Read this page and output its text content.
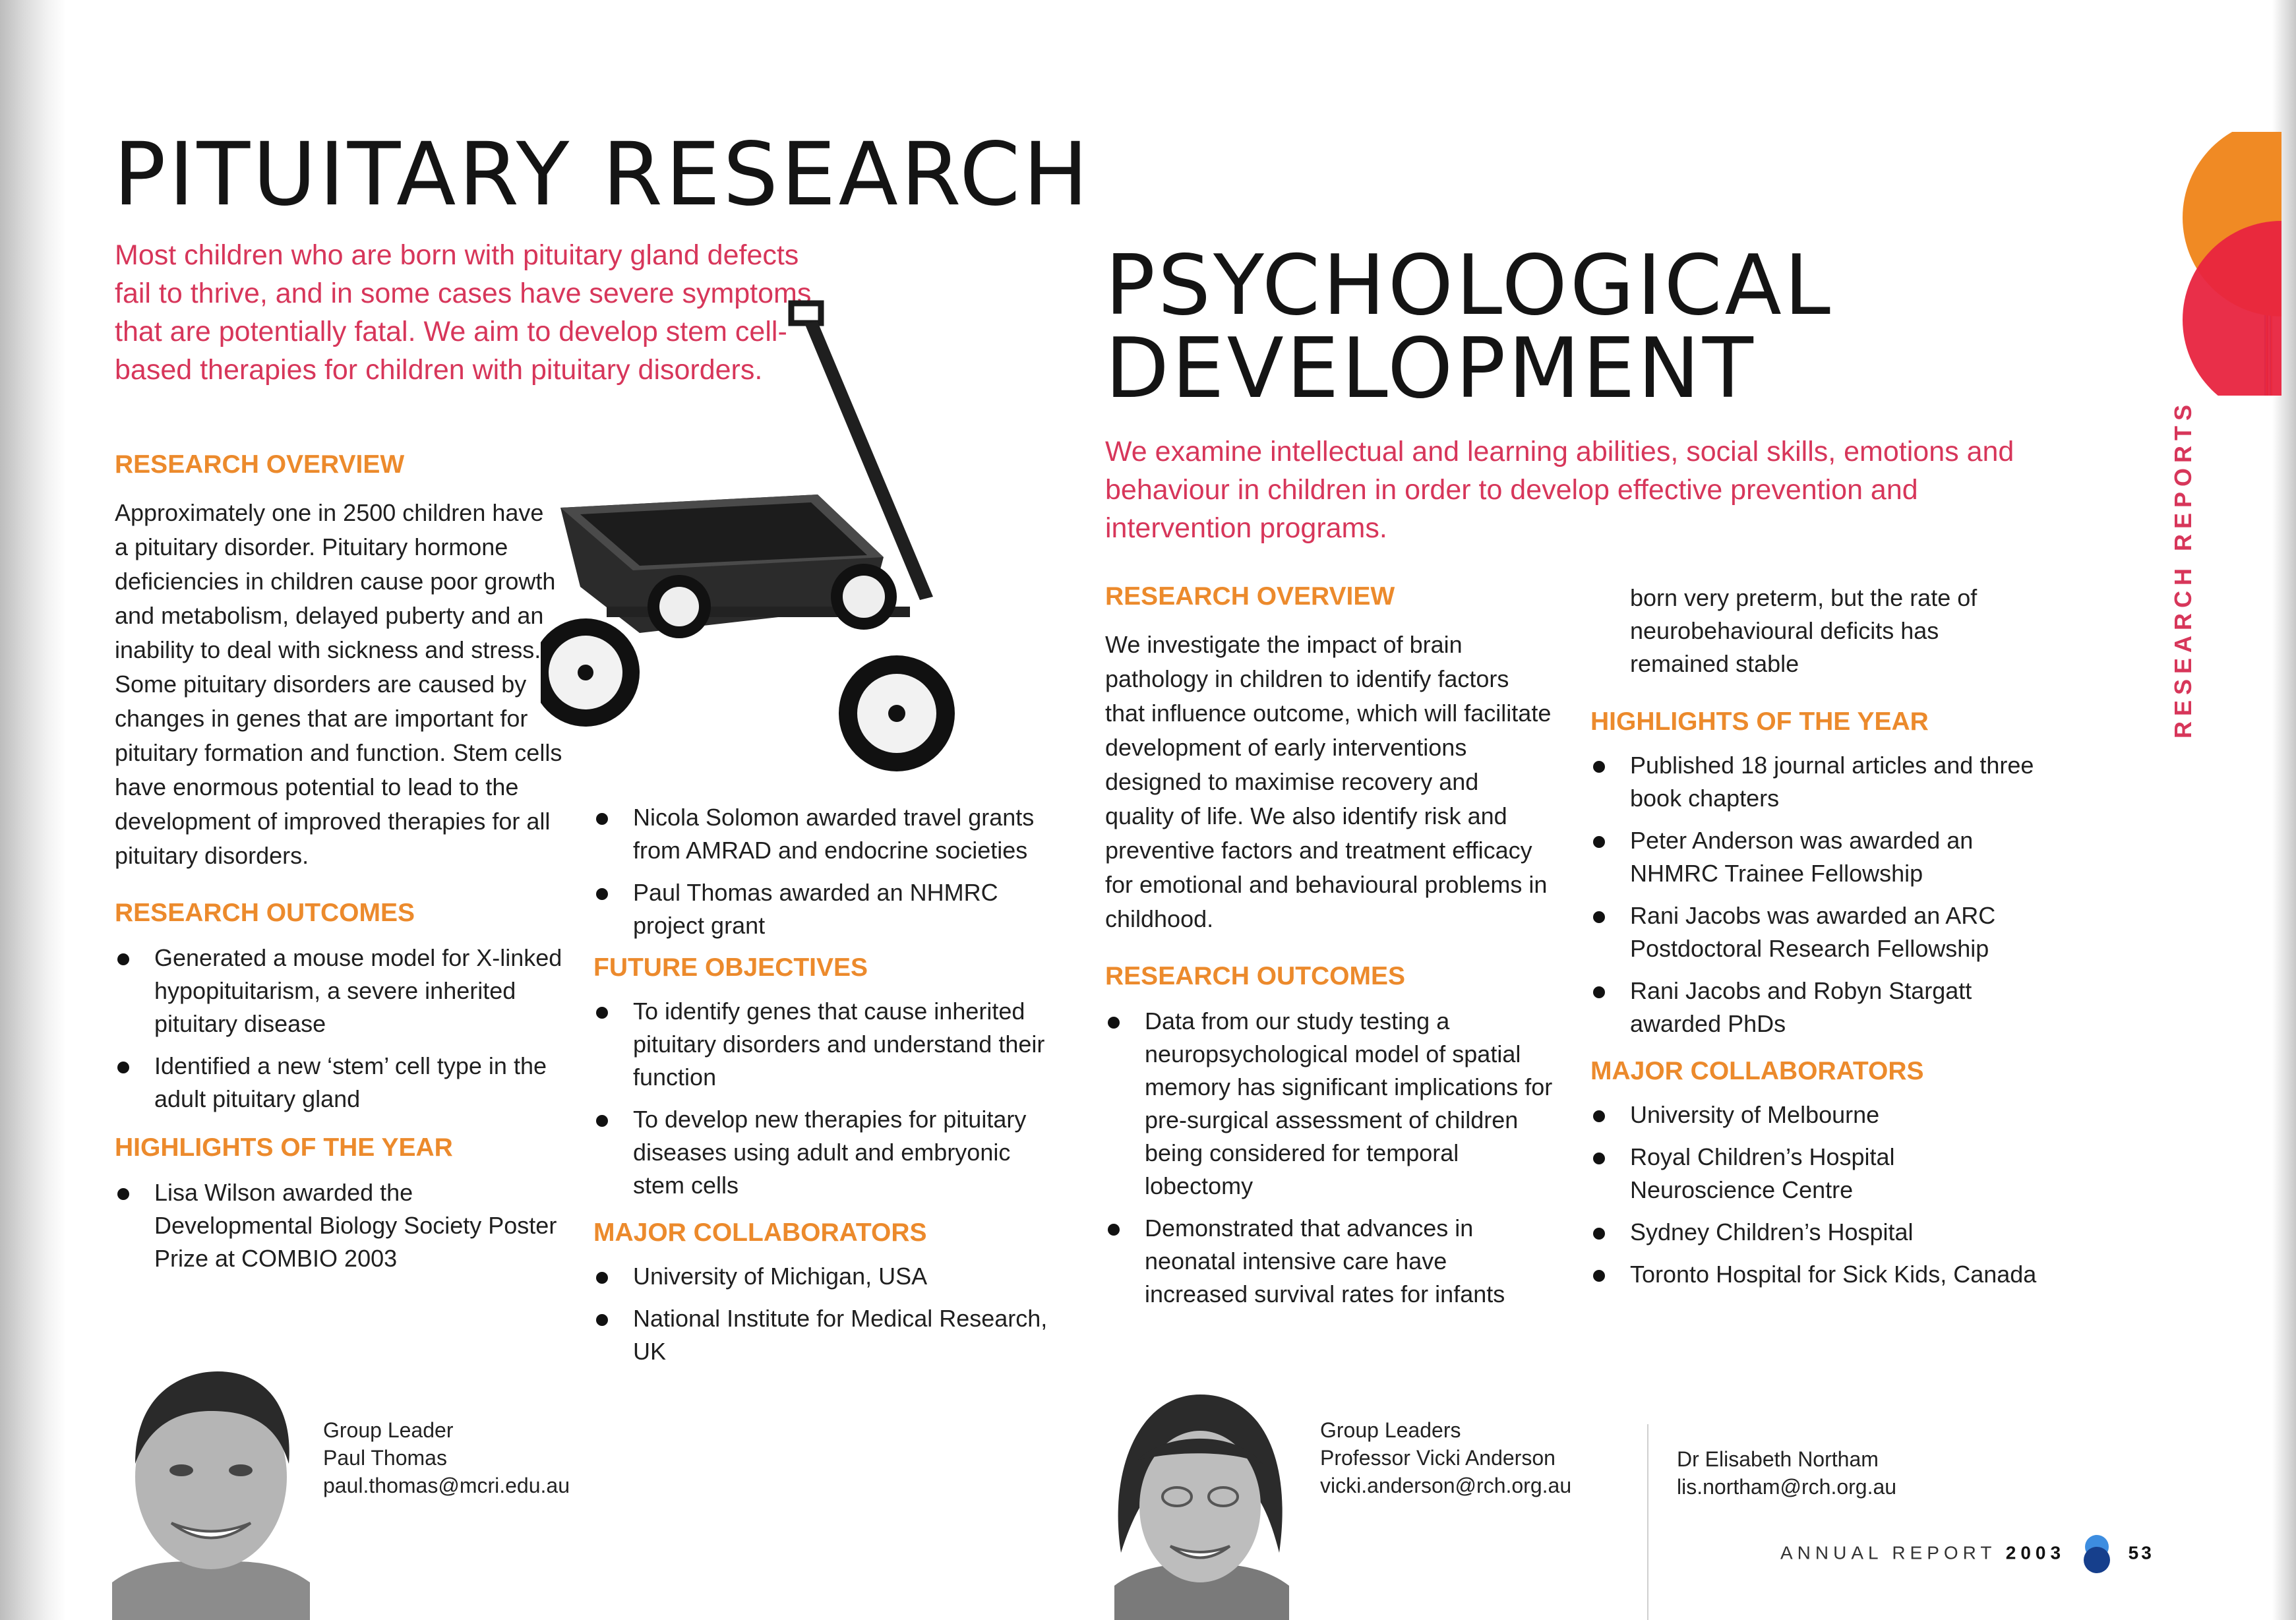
RESEARCH REPORTS
PITUITARY RESEARCH

Most children who are born with pituitary gland defects fail to thrive, and in some cases have severe symptoms that are potentially fatal. We aim to develop stem cell-based therapies for children with pituitary disorders.

RESEARCH OVERVIEW

Approximately one in 2500 children have a pituitary disorder. Pituitary hormone deficiencies in children cause poor growth and metabolism, delayed puberty and an inability to deal with sickness and stress. Some pituitary disorders are caused by changes in genes that are important for pituitary formation and function. Stem cells have enormous potential to lead to the development of improved therapies for all pituitary disorders.

RESEARCH OUTCOMES
Generated a mouse model for X-linked hypopituitarism, a severe inherited pituitary disease
Identified a new ‘stem’ cell type in the adult pituitary gland
HIGHLIGHTS OF THE YEAR
Lisa Wilson awarded the Developmental Biology Society Poster Prize at COMBIO 2003
Nicola Solomon awarded travel grants from AMRAD and endocrine societies
Paul Thomas awarded an NHMRC project grant
FUTURE OBJECTIVES
To identify genes that cause inherited pituitary disorders and understand their function
To develop new therapies for pituitary diseases using adult and embryonic stem cells
MAJOR COLLABORATORS
University of Michigan, USA
National Institute for Medical Research, UK

Group Leader

Paul Thomas

paul.thomas@mcri.edu.au

PSYCHOLOGICAL
DEVELOPMENT

We examine intellectual and learning abilities, social skills, emotions and behaviour in children in order to develop effective prevention and intervention programs.

RESEARCH OVERVIEW

We investigate the impact of brain pathology in children to identify factors that influence outcome, which will facilitate development of early interventions designed to maximise recovery and quality of life. We also identify risk and preventive factors and treatment efficacy for emotional and behavioural problems in childhood.

RESEARCH OUTCOMES
Data from our study testing a neuropsychological model of spatial memory has significant implications for pre-surgical assessment of children being considered for temporal lobectomy
Demonstrated that advances in neonatal intensive care have increased survival rates for infants

born very preterm, but the rate of neurobehavioural deficits has remained stable

HIGHLIGHTS OF THE YEAR
Published 18 journal articles and three book chapters
Peter Anderson was awarded an NHMRC Trainee Fellowship
Rani Jacobs was awarded an ARC Postdoctoral Research Fellowship
Rani Jacobs and Robyn Stargatt awarded PhDs
MAJOR COLLABORATORS
University of Melbourne
Royal Children’s Hospital Neuroscience Centre
Sydney Children’s Hospital
Toronto Hospital for Sick Kids, Canada

Group Leaders

Professor Vicki Anderson

vicki.anderson@rch.org.au

Dr Elisabeth Northam

lis.northam@rch.org.au

ANNUAL REPORT 2003	53
